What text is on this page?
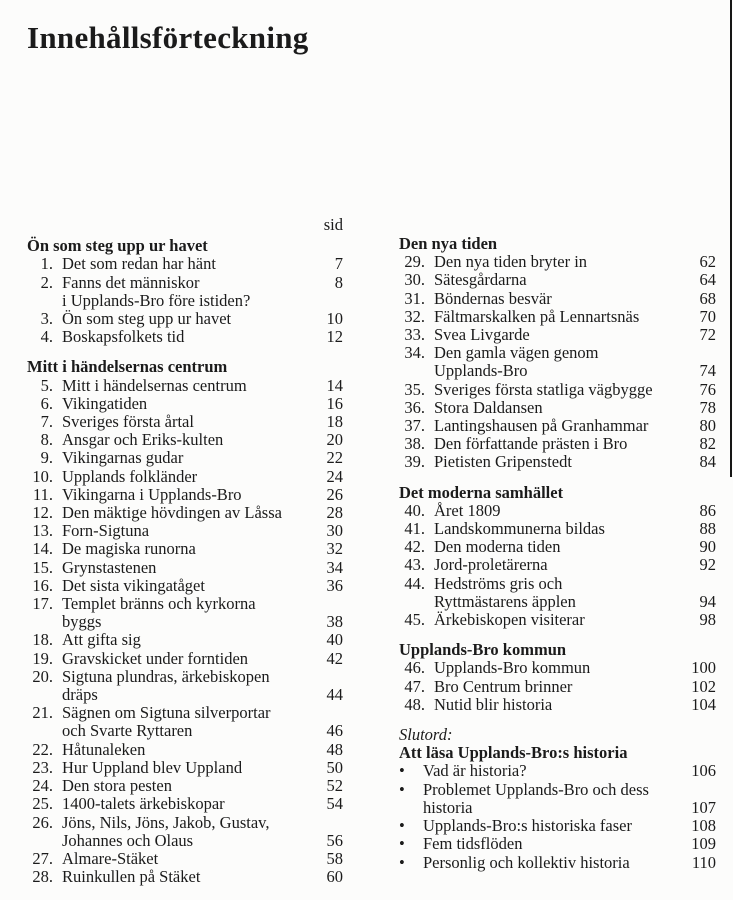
Innehållsförteckning
sid
Ön som steg upp ur havet
1. Det som redan har hänt	7
2. Fanns det människor	8
i Upplands-Bro före istiden?
3. Ön som steg upp ur havet	10
4. Boskapsfolkets tid	12
Mitt i händelsernas centrum
5. Mitt i händelsernas centrum	14
6. Vikingatiden	16
7. Sveriges första årtal	18
8. Ansgar och Eriks-kulten	20
9. Vikingarnas gudar	22
10. Upplands folkländer	24
11. Vikingarna i Upplands-Bro	26
12. Den mäktige hövdingen av Låssa	28
13. Forn-Sigtuna	30
14. De magiska runorna	32
15. Grynstastenen	34
16. Det sista vikingatåget	36
17. Templet bränns och kyrkorna
byggs	38
18. Att gifta sig	40
19. Gravskicket under forntiden	42
20. Sigtuna plundras, ärkebiskopen
dräps	44
21. Sägnen om Sigtuna silverportar
och Svarte Ryttaren	46
22. Håtunaleken	48
23. Hur Uppland blev Uppland	50
24. Den stora pesten	52
25. 1400-talets ärkebiskopar	54
26. Jöns, Nils, Jöns, Jakob, Gustav,
Johannes och Olaus	56
27. Almare-Stäket	58
28. Ruinkullen på Stäket	60
Den nya tiden
29. Den nya tiden bryter in	62
30. Sätesgårdarna	64
31. Böndernas besvär	68
32. Fältmarskalken på Lennartsnäs	70
33. Svea Livgarde	72
34. Den gamla vägen genom
Upplands-Bro	74
35. Sveriges första statliga vägbygge	76
36. Stora Daldansen	78
37. Lantingshausen på Granhammar	80
38. Den författande prästen i Bro	82
39. Pietisten Gripenstedt	84
Det moderna samhället
40. Året 1809	86
41. Landskommunerna bildas	88
42. Den moderna tiden	90
43. Jord-proletärerna	92
44. Hedströms gris och
Ryttmästarens äpplen	94
45. Ärkebiskopen visiterar	98
Upplands-Bro kommun
46. Upplands-Bro kommun	100
47. Bro Centrum brinner	102
48. Nutid blir historia	104
Slutord:
Att läsa Upplands-Bro:s historia
•	Vad är historia?	106
•	Problemet Upplands-Bro och dess
historia	107
•	Upplands-Bro:s historiska faser	108
•	Fem tidsflöden	109
•	Personlig och kollektiv historia	110
